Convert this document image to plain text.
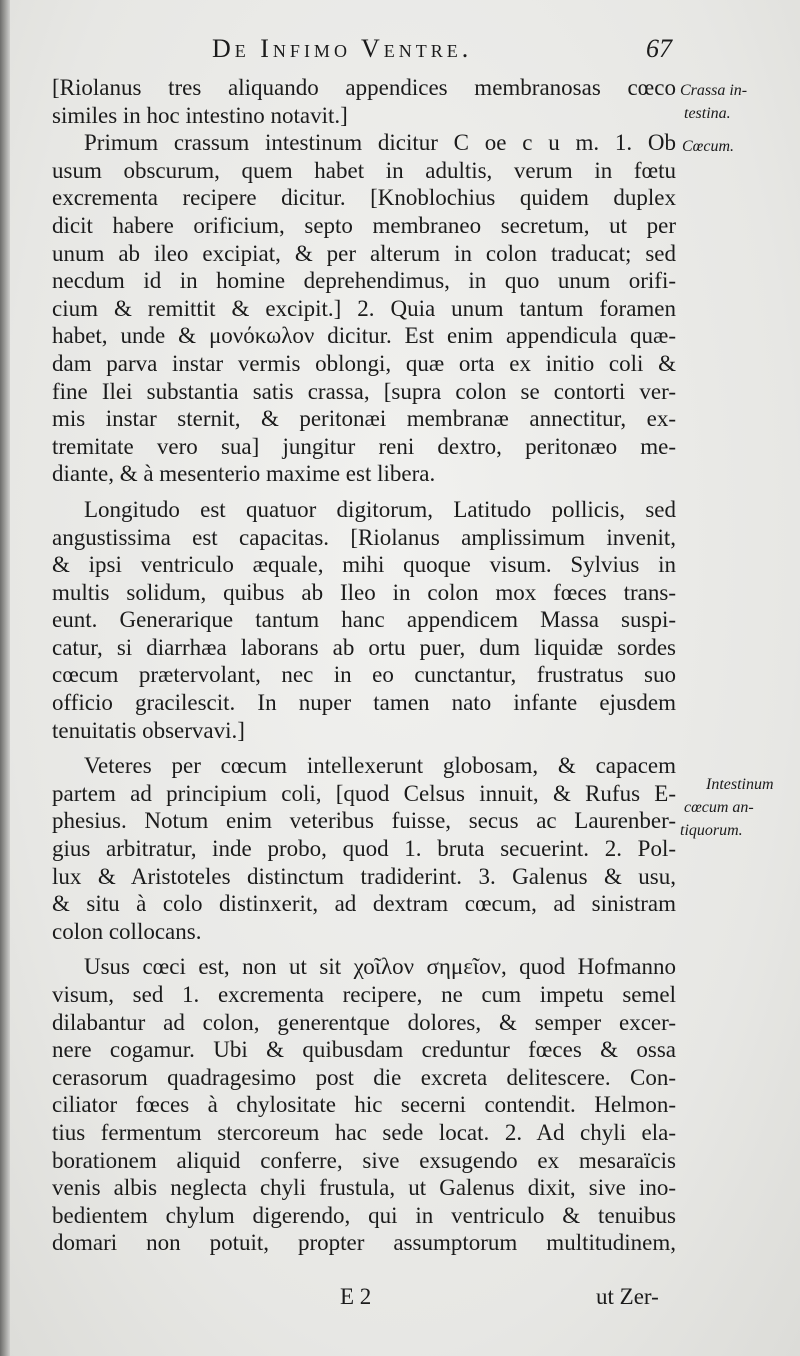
De Infimo Ventre.	67
[Riolanus tres aliquando appendices membranosas cœco
similes in hoc intestino notavit.]
Primum crassum intestinum dicitur C oe c u m. 1. Ob
usum obscurum, quem habet in adultis, verum in fœtu
excrementa recipere dicitur. [Knoblochius quidem duplex
dicit habere orificium, septo membraneo secretum, ut per
unum ab ileo excipiat, & per alterum in colon traducat; sed
necdum id in homine deprehendimus, in quo unum orifi-
cium & remittit & excipit.] 2. Quia unum tantum foramen
habet, unde & μονόκωλον dicitur. Est enim appendicula quæ-
dam parva instar vermis oblongi, quæ orta ex initio coli &
fine Ilei substantia satis crassa, [supra colon se contorti ver-
mis instar sternit, & peritonæi membranæ annectitur, ex-
tremitate vero sua] jungitur reni dextro, peritonæo me-
diante, & à mesenterio maxime est libera.
Longitudo est quatuor digitorum, Latitudo pollicis, sed
angustissima est capacitas. [Riolanus amplissimum invenit,
& ipsi ventriculo æquale, mihi quoque visum. Sylvius in
multis solidum, quibus ab Ileo in colon mox fœces trans-
eunt. Generarique tantum hanc appendicem Massa suspi-
catur, si diarrhæa laborans ab ortu puer, dum liquidæ sordes
cœcum prætervolant, nec in eo cunctantur, frustratus suo
officio gracilescit. In nuper tamen nato infante ejusdem
tenuitatis observavi.]
Veteres per cœcum intellexerunt globosam, & capacem
partem ad principium coli, [quod Celsus innuit, & Rufus E-
phesius. Notum enim veteribus fuisse, secus ac Laurenber-
gius arbitratur, inde probo, quod 1. bruta secuerint. 2. Pol-
lux & Aristoteles distinctum tradiderint. 3. Galenus & usu,
& situ à colo distinxerit, ad dextram cœcum, ad sinistram
colon collocans.
Usus cœci est, non ut sit χοῖλον σημεῖον, quod Hofmanno
visum, sed 1. excrementa recipere, ne cum impetu semel
dilabantur ad colon, generentque dolores, & semper excer-
nere cogamur. Ubi & quibusdam creduntur fœces & ossa
cerasorum quadragesimo post die excreta delitescere. Con-
ciliator fœces à chylositate hic secerni contendit. Helmon-
tius fermentum stercoreum hac sede locat. 2. Ad chyli ela-
borationem aliquid conferre, sive exsugendo ex mesaraïcis
venis albis neglecta chyli frustula, ut Galenus dixit, sive ino-
bedientem chylum digerendo, qui in ventriculo & tenuibus
domari non potuit, propter assumptorum multitudinem,
Crassa in-
testina.
Cœcum.
Intestinum
cœcum an-
tiquorum.
E 2	ut Zer-
